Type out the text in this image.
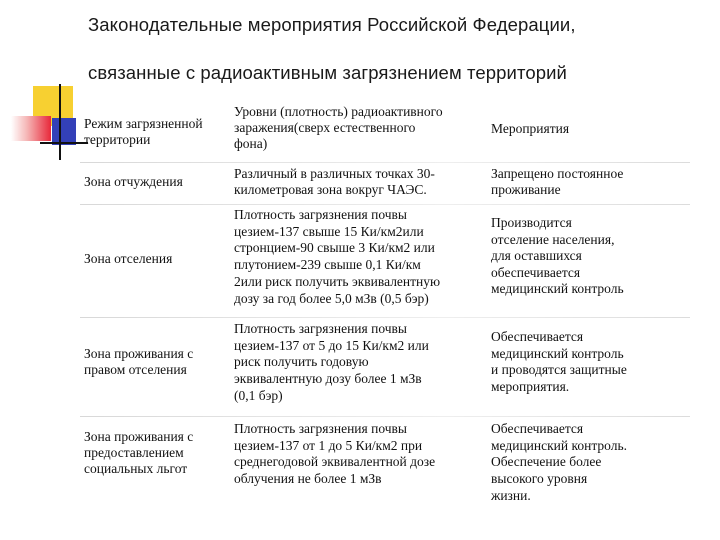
Законодательные мероприятия Российской Федерации,
связанные с радиоактивным загрязнением территорий
Режим загрязненной
территории
Уровни (плотность) радиоактивного
заражения(сверх естественного
фона)
Мероприятия
Зона отчуждения
Различный в различных точках 30-
километровая зона вокруг ЧАЭС.
Запрещено постоянное
проживание
Зона отселения
Плотность загрязнения почвы
цезием-137 свыше 15 Ки/км2или
стронцием-90 свыше 3 Ки/км2 или
плутонием-239 свыше 0,1 Ки/км
2или риск получить эквивалентную
дозу за год более 5,0 мЗв (0,5 бэр)
Производится
отселение населения,
для оставшихся
обеспечивается
медицинский контроль
Зона проживания с
правом отселения
Плотность загрязнения почвы
цезием-137 от 5 до 15 Ки/км2 или
риск получить годовую
эквивалентную дозу более 1 мЗв
(0,1 бэр)
Обеспечивается
медицинский контроль
и проводятся защитные
мероприятия.
Зона проживания с
предоставлением
социальных льгот
Плотность загрязнения почвы
цезием-137 от 1 до 5 Ки/км2 при
среднегодовой эквивалентной дозе
облучения не более 1 мЗв
Обеспечивается
медицинский контроль.
Обеспечение более
высокого уровня
жизни.
